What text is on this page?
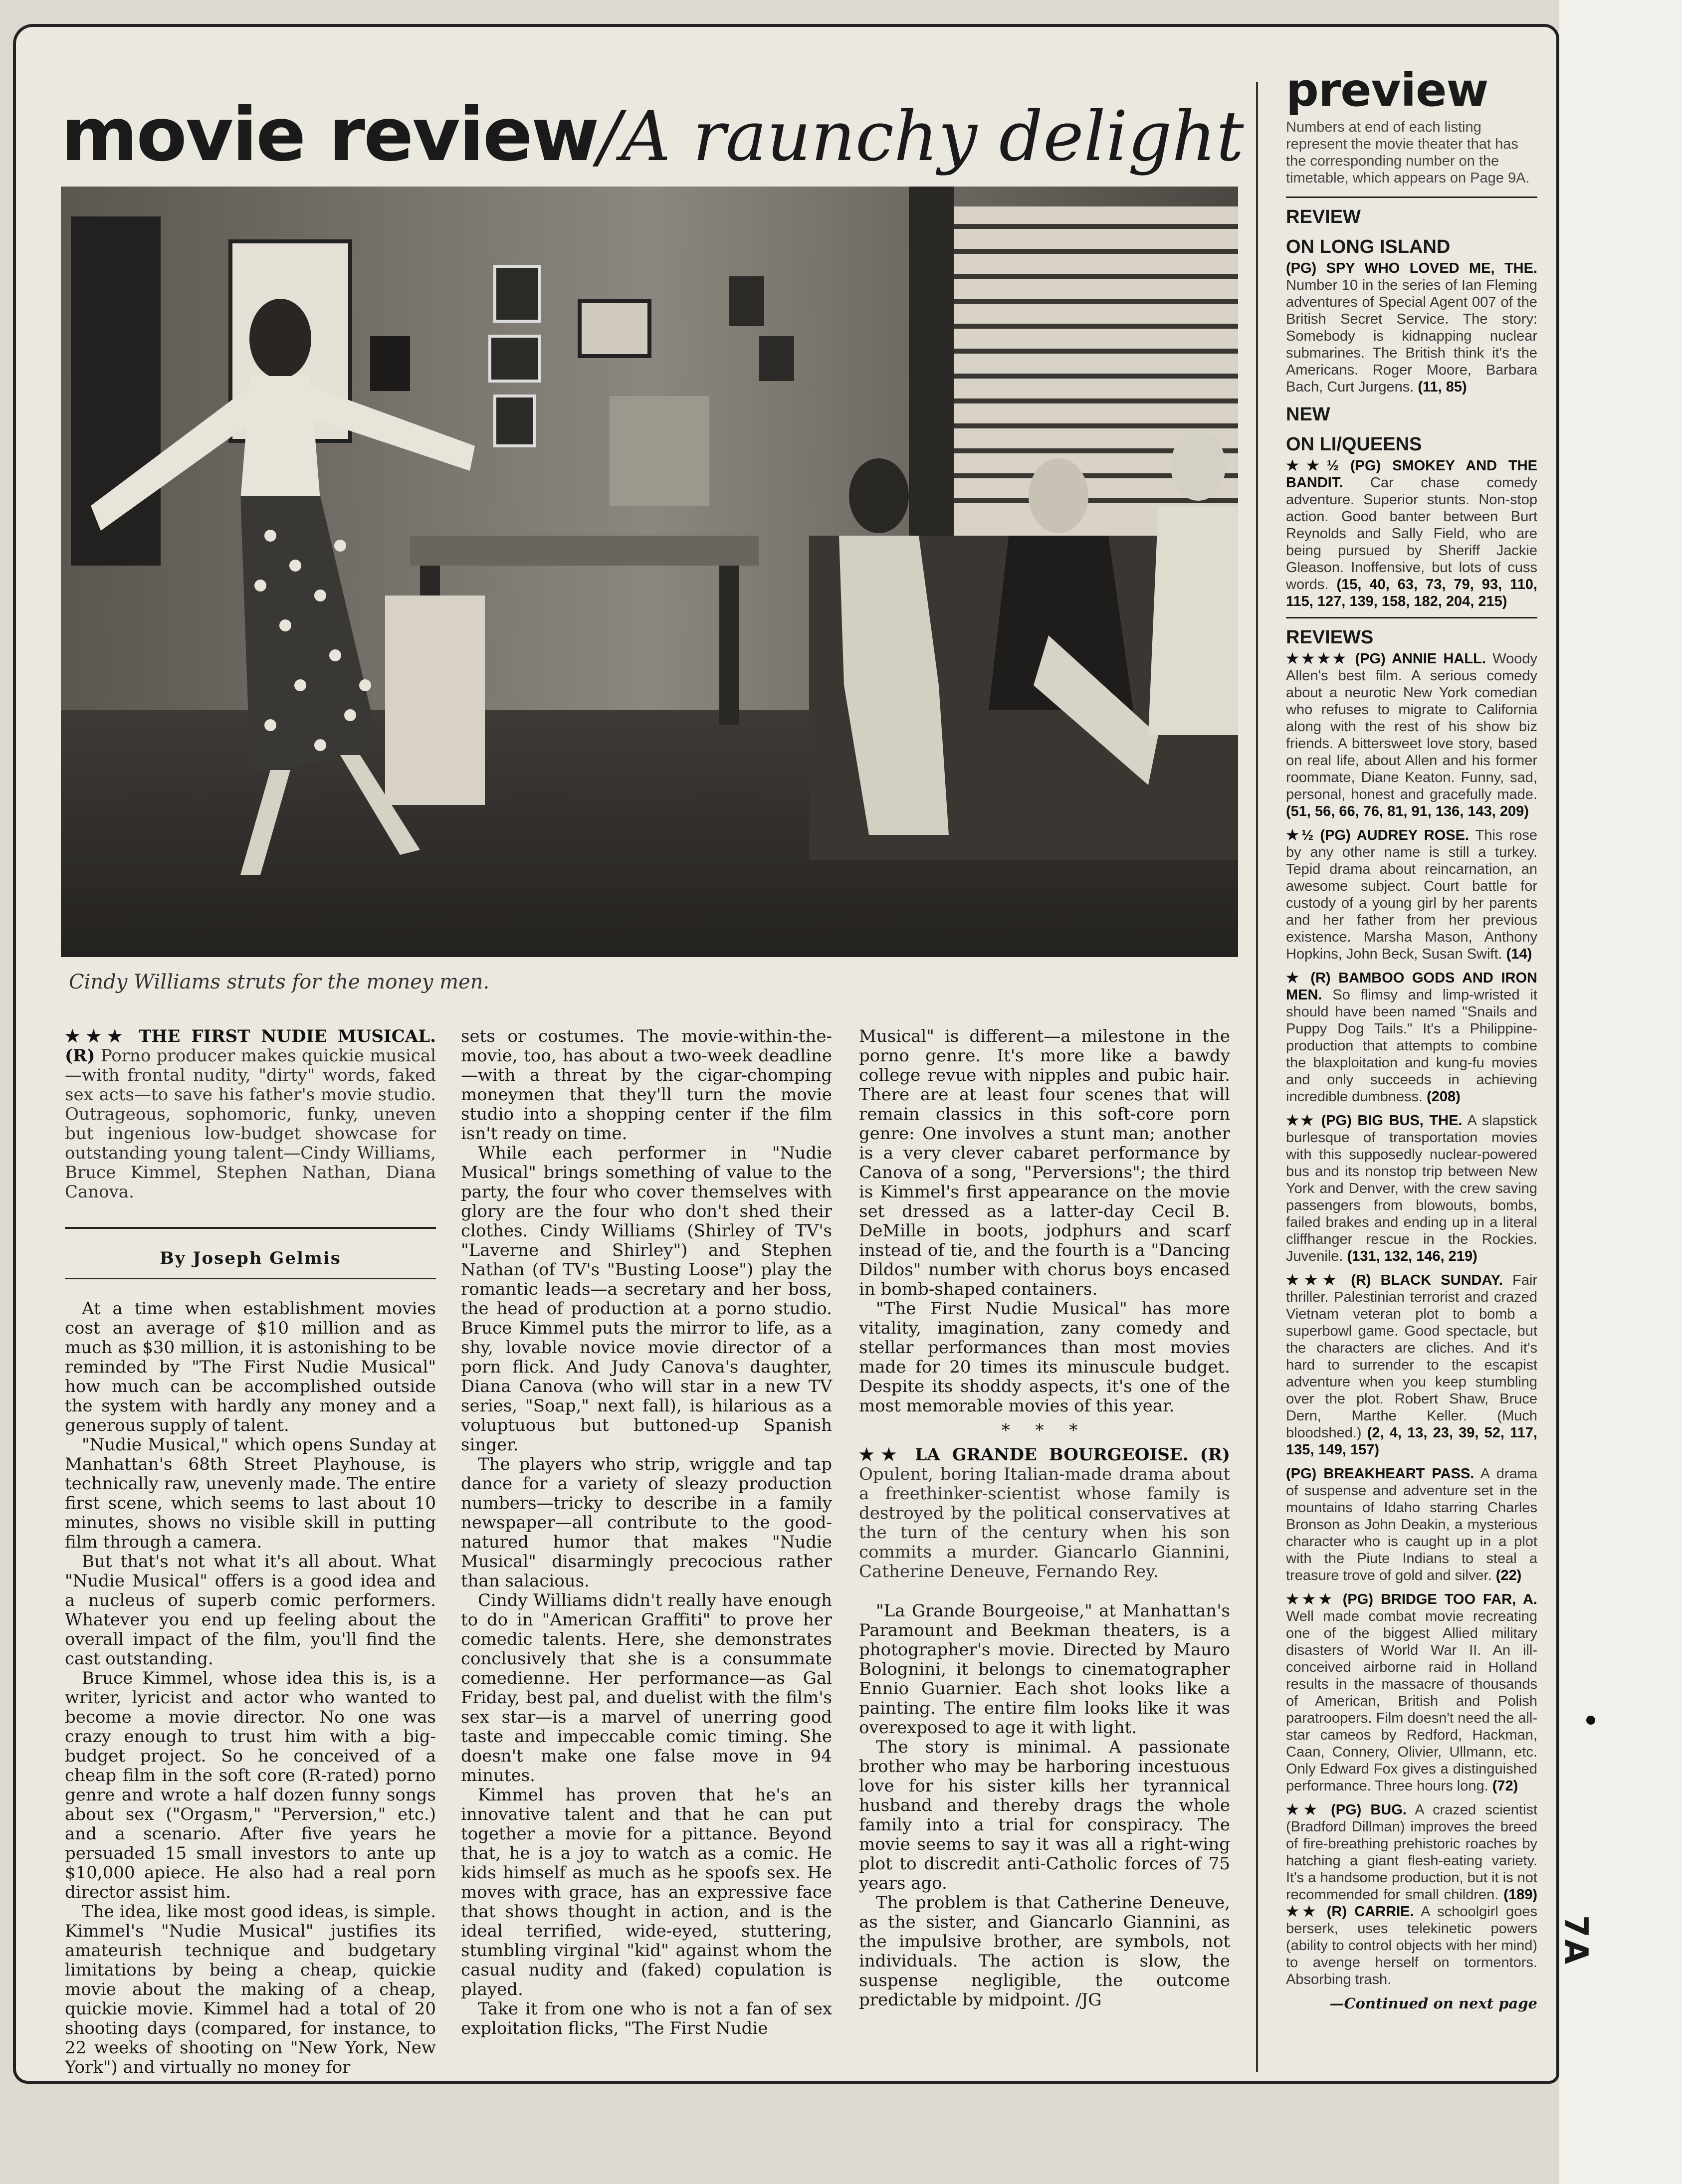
movie review/A raunchy delight
Cindy Williams struts for the money men.

★★★ THE FIRST NUDIE MUSICAL. (R) Porno producer makes quickie musical—with frontal nudity, "dirty" words, faked sex acts—to save his father's movie studio. Outrageous, sophomoric, funky, uneven but ingenious low-budget showcase for outstanding young talent—Cindy Williams, Bruce Kimmel, Stephen Nathan, Diana Canova.

By Joseph Gelmis

At a time when establishment movies cost an average of $10 million and as much as $30 million, it is astonishing to be reminded by "The First Nudie Musical" how much can be accomplished outside the system with hardly any money and a generous supply of talent.

"Nudie Musical," which opens Sunday at Manhattan's 68th Street Playhouse, is technically raw, unevenly made. The entire first scene, which seems to last about 10 minutes, shows no visible skill in putting film through a camera.

But that's not what it's all about. What "Nudie Musical" offers is a good idea and a nucleus of superb comic performers. Whatever you end up feeling about the overall impact of the film, you'll find the cast outstanding.

Bruce Kimmel, whose idea this is, is a writer, lyricist and actor who wanted to become a movie director. No one was crazy enough to trust him with a big-budget project. So he conceived of a cheap film in the soft core (R-rated) porno genre and wrote a half dozen funny songs about sex ("Orgasm," "Perversion," etc.) and a scenario. After five years he persuaded 15 small investors to ante up $10,000 apiece. He also had a real porn director assist him.

The idea, like most good ideas, is simple. Kimmel's "Nudie Musical" justifies its amateurish technique and budgetary limitations by being a cheap, quickie movie about the making of a cheap, quickie movie. Kimmel had a total of 20 shooting days (compared, for instance, to 22 weeks of shooting on "New York, New York") and virtually no money for

sets or costumes. The movie-within-the-movie, too, has about a two-week deadline—with a threat by the cigar-chomping moneymen that they'll turn the movie studio into a shopping center if the film isn't ready on time.

While each performer in "Nudie Musical" brings something of value to the party, the four who cover themselves with glory are the four who don't shed their clothes. Cindy Williams (Shirley of TV's "Laverne and Shirley") and Stephen Nathan (of TV's "Busting Loose") play the romantic leads—a secretary and her boss, the head of production at a porno studio. Bruce Kimmel puts the mirror to life, as a shy, lovable novice movie director of a porn flick. And Judy Canova's daughter, Diana Canova (who will star in a new TV series, "Soap," next fall), is hilarious as a voluptuous but buttoned-up Spanish singer.

The players who strip, wriggle and tap dance for a variety of sleazy production numbers—tricky to describe in a family newspaper—all contribute to the good-natured humor that makes "Nudie Musical" disarmingly precocious rather than salacious.

Cindy Williams didn't really have enough to do in "American Graffiti" to prove her comedic talents. Here, she demonstrates conclusively that she is a consummate comedienne. Her performance—as Gal Friday, best pal, and duelist with the film's sex star—is a marvel of unerring good taste and impeccable comic timing. She doesn't make one false move in 94 minutes.

Kimmel has proven that he's an innovative talent and that he can put together a movie for a pittance. Beyond that, he is a joy to watch as a comic. He kids himself as much as he spoofs sex. He moves with grace, has an expressive face that shows thought in action, and is the ideal terrified, wide-eyed, stuttering, stumbling virginal "kid" against whom the casual nudity and (faked) copulation is played.

Take it from one who is not a fan of sex exploitation flicks, "The First Nudie

Musical" is different—a milestone in the porno genre. It's more like a bawdy college revue with nipples and pubic hair. There are at least four scenes that will remain classics in this soft-core porn genre: One involves a stunt man; another is a very clever cabaret performance by Canova of a song, "Perversions"; the third is Kimmel's first appearance on the movie set dressed as a latter-day Cecil B. DeMille in boots, jodphurs and scarf instead of tie, and the fourth is a "Dancing Dildos" number with chorus boys encased in bomb-shaped containers.

"The First Nudie Musical" has more vitality, imagination, zany comedy and stellar performances than most movies made for 20 times its minuscule budget. Despite its shoddy aspects, it's one of the most memorable movies of this year.

* * *

★★ LA GRANDE BOURGEOISE. (R) Opulent, boring Italian-made drama about a freethinker-scientist whose family is destroyed by the political conservatives at the turn of the century when his son commits a murder. Giancarlo Giannini, Catherine Deneuve, Fernando Rey.

"La Grande Bourgeoise," at Manhattan's Paramount and Beekman theaters, is a photographer's movie. Directed by Mauro Bolognini, it belongs to cinematographer Ennio Guarnier. Each shot looks like a painting. The entire film looks like it was overexposed to age it with light.

The story is minimal. A passionate brother who may be harboring incestuous love for his sister kills her tyrannical husband and thereby drags the whole family into a trial for conspiracy. The movie seems to say it was all a right-wing plot to discredit anti-Catholic forces of 75 years ago.

The problem is that Catherine Deneuve, as the sister, and Giancarlo Giannini, as the impulsive brother, are symbols, not individuals. The action is slow, the suspense negligible, the outcome predictable by midpoint. /JG

preview
Numbers at end of each listing represent the movie theater that has the corresponding number on the timetable, which appears on Page 9A.
REVIEW
ON LONG ISLAND
(PG) SPY WHO LOVED ME, THE. Number 10 in the series of Ian Fleming adventures of Special Agent 007 of the British Secret Service. The story: Somebody is kidnapping nuclear submarines. The British think it's the Americans. Roger Moore, Barbara Bach, Curt Jurgens. (11, 85)
NEW
ON LI/QUEENS
★★½ (PG) SMOKEY AND THE BANDIT. Car chase comedy adventure. Superior stunts. Non-stop action. Good banter between Burt Reynolds and Sally Field, who are being pursued by Sheriff Jackie Gleason. Inoffensive, but lots of cuss words. (15, 40, 63, 73, 79, 93, 110, 115, 127, 139, 158, 182, 204, 215)
REVIEWS
★★★★ (PG) ANNIE HALL. Woody Allen's best film. A serious comedy about a neurotic New York comedian who refuses to migrate to California along with the rest of his show biz friends. A bittersweet love story, based on real life, about Allen and his former roommate, Diane Keaton. Funny, sad, personal, honest and gracefully made. (51, 56, 66, 76, 81, 91, 136, 143, 209)
★½ (PG) AUDREY ROSE. This rose by any other name is still a turkey. Tepid drama about reincarnation, an awesome subject. Court battle for custody of a young girl by her parents and her father from her previous existence. Marsha Mason, Anthony Hopkins, John Beck, Susan Swift. (14)
★ (R) BAMBOO GODS AND IRON MEN. So flimsy and limp-wristed it should have been named "Snails and Puppy Dog Tails." It's a Philippine-production that attempts to combine the blaxploitation and kung-fu movies and only succeeds in achieving incredible dumbness. (208)
★★ (PG) BIG BUS, THE. A slapstick burlesque of transportation movies with this supposedly nuclear-powered bus and its nonstop trip between New York and Denver, with the crew saving passengers from blowouts, bombs, failed brakes and ending up in a literal cliffhanger rescue in the Rockies. Juvenile. (131, 132, 146, 219)
★★★ (R) BLACK SUNDAY. Fair thriller. Palestinian terrorist and crazed Vietnam veteran plot to bomb a superbowl game. Good spectacle, but the characters are cliches. And it's hard to surrender to the escapist adventure when you keep stumbling over the plot. Robert Shaw, Bruce Dern, Marthe Keller. (Much bloodshed.) (2, 4, 13, 23, 39, 52, 117, 135, 149, 157)
(PG) BREAKHEART PASS. A drama of suspense and adventure set in the mountains of Idaho starring Charles Bronson as John Deakin, a mysterious character who is caught up in a plot with the Piute Indians to steal a treasure trove of gold and silver. (22)
★★★ (PG) BRIDGE TOO FAR, A. Well made combat movie recreating one of the biggest Allied military disasters of World War II. An ill-conceived airborne raid in Holland results in the massacre of thousands of American, British and Polish paratroopers. Film doesn't need the all-star cameos by Redford, Hackman, Caan, Connery, Olivier, Ullmann, etc. Only Edward Fox gives a distinguished performance. Three hours long. (72)
★★ (PG) BUG. A crazed scientist (Bradford Dillman) improves the breed of fire-breathing prehistoric roaches by hatching a giant flesh-eating variety. It's a handsome production, but it is not recommended for small children. (189) ★★ (R) CARRIE. A schoolgirl goes berserk, uses telekinetic powers (ability to control objects with her mind) to avenge herself on tormentors. Absorbing trash.
—Continued on next page
7A
